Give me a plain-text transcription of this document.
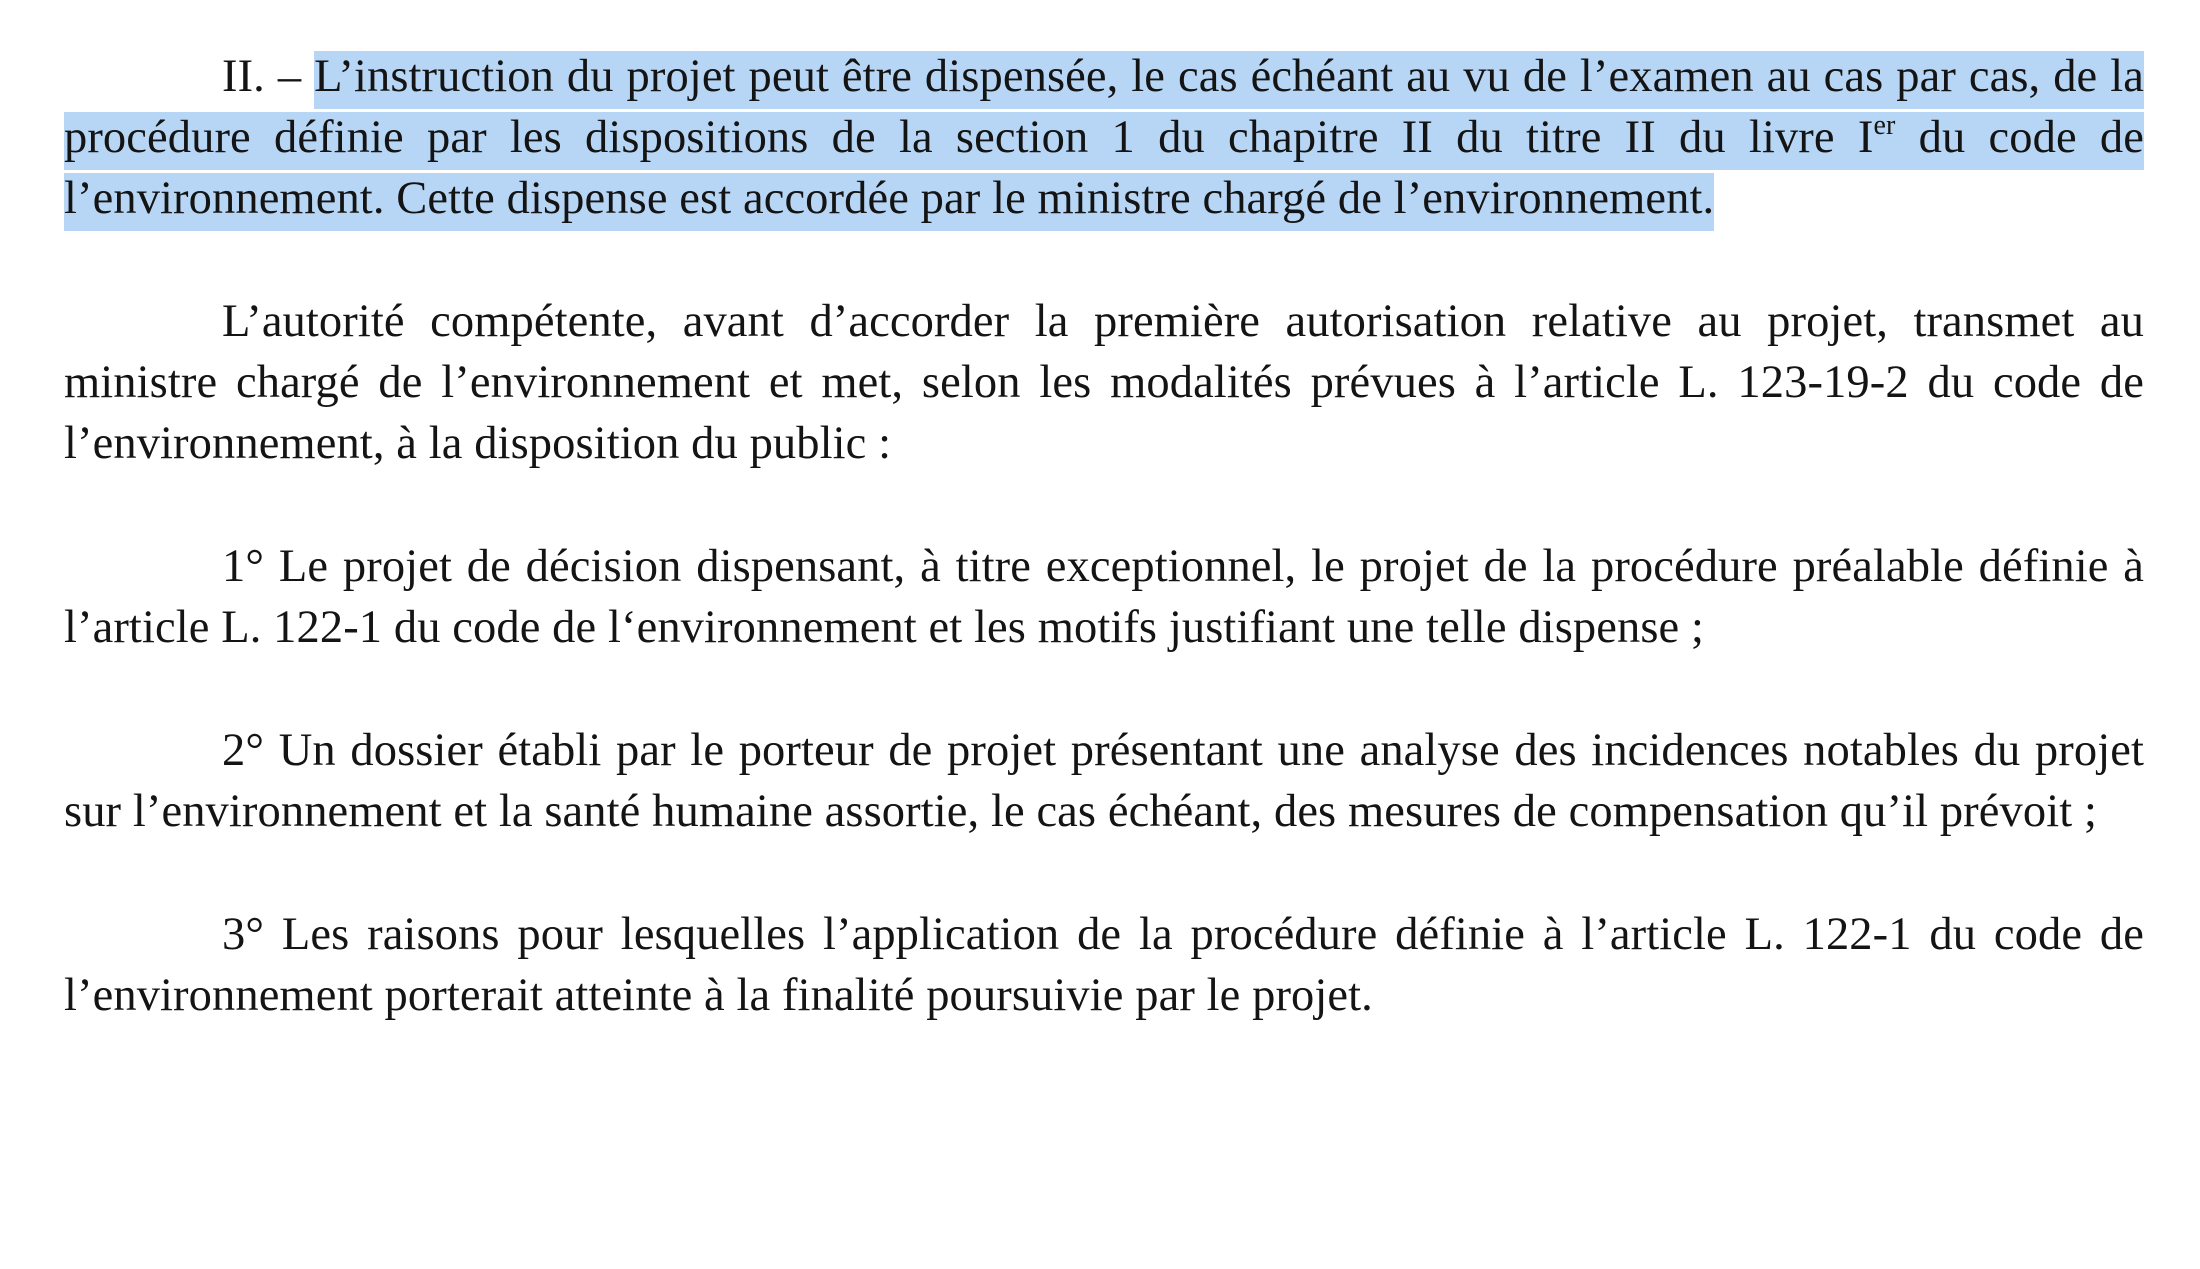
II. – L’instruction du projet peut être dispensée, le cas échéant au vu de l’examen au cas par cas, de la procédure définie par les dispositions de la section 1 du chapitre II du titre II du livre Ier du code de l’environnement. Cette dispense est accordée par le ministre chargé de l’environnement.

L’autorité compétente, avant d’accorder la première autorisation relative au projet, transmet au ministre chargé de l’environnement et met, selon les modalités prévues à l’article L. 123-19-2 du code de l’environnement, à la disposition du public :

1° Le projet de décision dispensant, à titre exceptionnel, le projet de la procédure préalable définie à l’article L. 122-1 du code de l‘environnement et les motifs justifiant une telle dispense ;

2° Un dossier établi par le porteur de projet présentant une analyse des incidences notables du projet sur l’environnement et la santé humaine assortie, le cas échéant, des mesures de compensation qu’il prévoit ;

3° Les raisons pour lesquelles l’application de la procédure définie à l’article L. 122-1 du code de l’environnement porterait atteinte à la finalité poursuivie par le projet.
